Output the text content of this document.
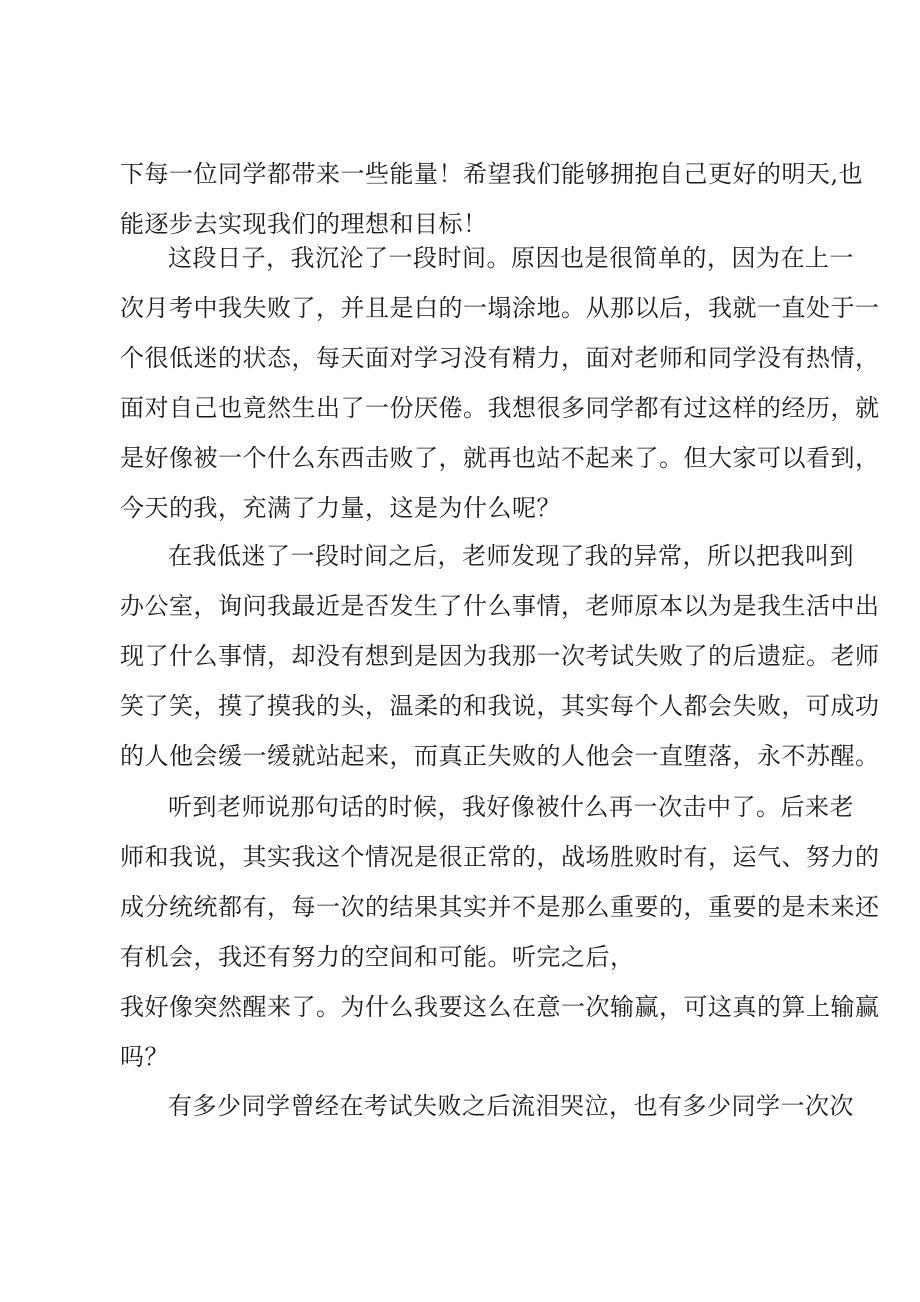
下每一位同学都带来一些能量！希望我们能够拥抱自己更好的明天,也
能逐步去实现我们的理想和目标！
这段日子，我沉沦了一段时间。原因也是很简单的，因为在上一
次月考中我失败了，并且是白的一塌涂地。从那以后，我就一直处于一
个很低迷的状态，每天面对学习没有精力，面对老师和同学没有热情，
面对自己也竟然生出了一份厌倦。我想很多同学都有过这样的经历，就
是好像被一个什么东西击败了，就再也站不起来了。但大家可以看到，
今天的我，充满了力量，这是为什么呢？
在我低迷了一段时间之后，老师发现了我的异常，所以把我叫到
办公室，询问我最近是否发生了什么事情，老师原本以为是我生活中出
现了什么事情，却没有想到是因为我那一次考试失败了的后遗症。老师
笑了笑，摸了摸我的头，温柔的和我说，其实每个人都会失败，可成功
的人他会缓一缓就站起来，而真正失败的人他会一直堕落，永不苏醒。
听到老师说那句话的时候，我好像被什么再一次击中了。后来老
师和我说，其实我这个情况是很正常的，战场胜败时有，运气、努力的
成分统统都有，每一次的结果其实并不是那么重要的，重要的是未来还
有机会，我还有努力的空间和可能。听完之后，
我好像突然醒来了。为什么我要这么在意一次输赢，可这真的算上输赢
吗？
有多少同学曾经在考试失败之后流泪哭泣，也有多少同学一次次
